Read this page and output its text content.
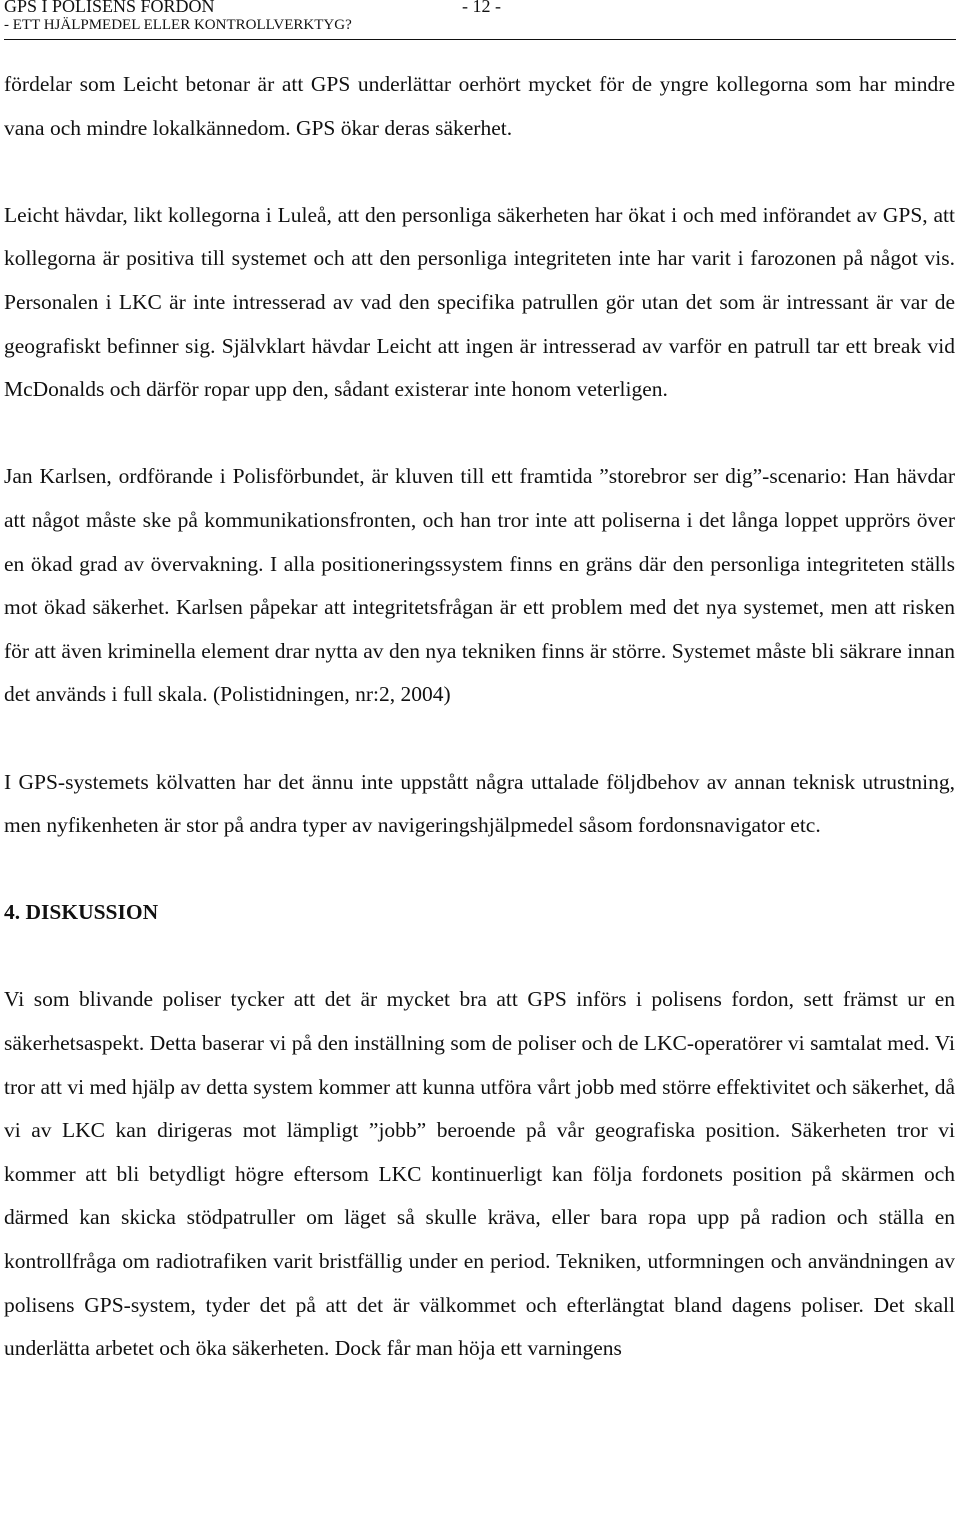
GPS I POLISENS FORDON	- 12 -
- ETT HJÄLPMEDEL ELLER KONTROLLVERKTYG?

fördelar som Leicht betonar är att GPS underlättar oerhört mycket för de yngre kollegorna som har mindre vana och mindre lokalkännedom. GPS ökar deras säkerhet.

Leicht hävdar, likt kollegorna i Luleå, att den personliga säkerheten har ökat i och med införandet av GPS, att kollegorna är positiva till systemet och att den personliga integriteten inte har varit i farozonen på något vis. Personalen i LKC är inte intresserad av vad den specifika patrullen gör utan det som är intressant är var de geografiskt befinner sig. Självklart hävdar Leicht att ingen är intresserad av varför en patrull tar ett break vid McDonalds och därför ropar upp den, sådant existerar inte honom veterligen.

Jan Karlsen, ordförande i Polisförbundet, är kluven till ett framtida ”storebror ser dig”-scenario: Han hävdar att något måste ske på kommunikationsfronten, och han tror inte att poliserna i det långa loppet upprörs över en ökad grad av övervakning. I alla positioneringssystem finns en gräns där den personliga integriteten ställs mot ökad säkerhet. Karlsen påpekar att integritetsfrågan är ett problem med det nya systemet, men att risken för att även kriminella element drar nytta av den nya tekniken finns är större. Systemet måste bli säkrare innan det används i full skala. (Polistidningen, nr:2, 2004)

I GPS-systemets kölvatten har det ännu inte uppstått några uttalade följdbehov av annan teknisk utrustning, men nyfikenheten är stor på andra typer av navigeringshjälpmedel såsom fordonsnavigator etc.

4. DISKUSSION

Vi som blivande poliser tycker att det är mycket bra att GPS införs i polisens fordon, sett främst ur en säkerhetsaspekt. Detta baserar vi på den inställning som de poliser och de LKC-operatörer vi samtalat med. Vi tror att vi med hjälp av detta system kommer att kunna utföra vårt jobb med större effektivitet och säkerhet, då vi av LKC kan dirigeras mot lämpligt ”jobb” beroende på vår geografiska position. Säkerheten tror vi kommer att bli betydligt högre eftersom LKC kontinuerligt kan följa fordonets position på skärmen och därmed kan skicka stödpatruller om läget så skulle kräva, eller bara ropa upp på radion och ställa en kontrollfråga om radiotrafiken varit bristfällig under en period. Tekniken, utformningen och användningen av polisens GPS-system, tyder det på att det är välkommet och efterlängtat bland dagens poliser. Det skall underlätta arbetet och öka säkerheten. Dock får man höja ett varningens
